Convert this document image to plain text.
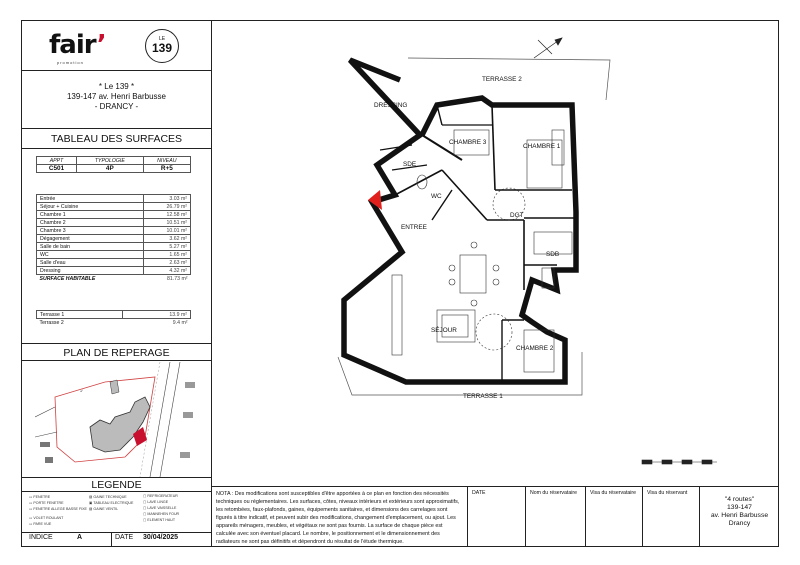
fair’
promotion
LE
139
* Le 139 *
139-147 av. Henri Barbusse
- DRANCY -
TABLEAU DES SURFACES
APPT	TYPOLOGIE	NIVEAU
C501	4P	R+5
Entrée	3.03 m²
Séjour + Cuisine	26.79 m²
Chambre 1	12.58 m²
Chambre 2	10.51 m²
Chambre 3	10.01 m²
Dégagement	3.62 m²
Salle de bain	5.27 m²
WC	1.65 m²
Salle d'eau	2.63 m²
Dressing	4.32 m²
SURFACE HABITABLE	81.73 m²
Terrasse 1	13.9 m²
Terrasse 2	9.4 m²
PLAN DE REPERAGE
↙
LEGENDE
▭ FENETRE
▭ PORTE FENETRE
▭ FENETRE ALLEGE BASSE FIXE
▭ VOLET ROULANT
▭ PARE VUE
▨ GAINE TECHNIQUE
▣ TABLEAU ELECTRIQUE
▨ GAINE VENTIL
▢ REFRIGERATEUR
▢ LAVE LINGE
▢ LAVE VAISSELLE
▢ MANNEHEN FOUR
▢ ELEMENT HAUT
INDICE	A	DATE 30/04/2025
DRESSING
TERRASSE 2
CHAMBRE 3
CHAMBRE 1
SDE
WC
DGT
ENTREE
SDB
SÉJOUR
CHAMBRE 2
TERRASSE 1
NOTA : Des modifications sont susceptibles d'être apportées à ce plan en fonction des nécessités
techniques ou réglementaires. Les surfaces, côtes, niveaux intérieurs et extérieurs sont approximatifs,
les retombées, faux-plafonds, gaines, équipements sanitaires, et dimensions des carrelages sont
figurés à titre indicatif, et peuvent subir des modifications, changement d'emplacement, ou ajout. Les
appareils ménagers, meubles, et végétaux ne sont pas fournis. La surface de chaque pièce est
calculée avec son éventuel placard. Le nombre, le positionnement et le dimensionnement des
radiateurs ne sont pas définitifs et dépendront du résultat de l'étude thermique.
DATE	Nom du réservataire	Visa du réservataire	Visa du réservant
"4 routes"
139-147
av. Henri Barbusse
Drancy
